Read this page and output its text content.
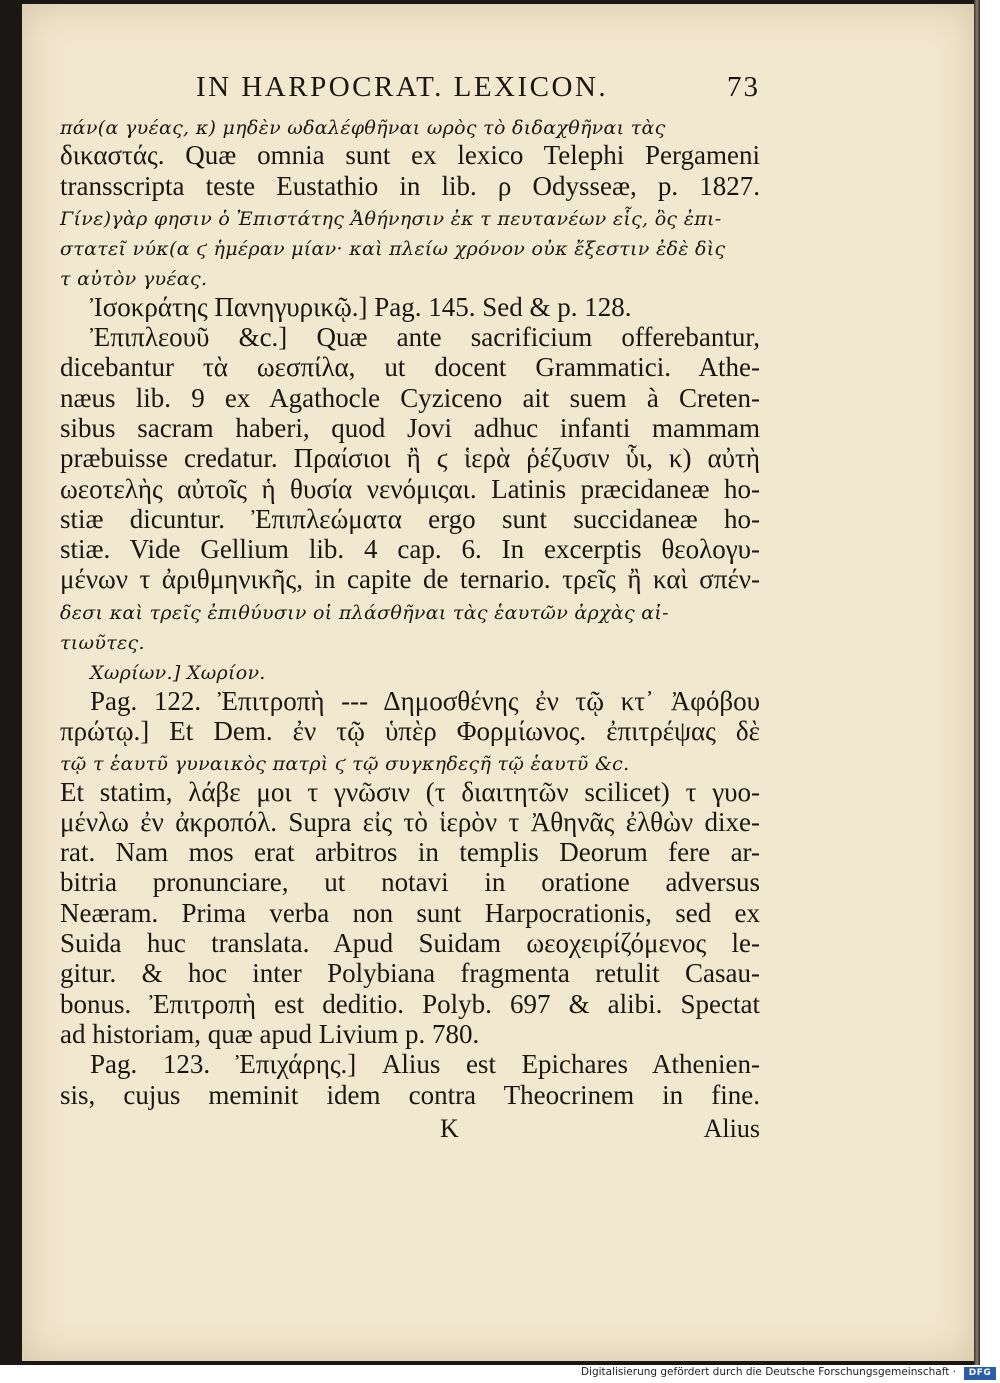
IN HARPOCRAT. LEXICON.	73
πάν(α γυέας, κ) μηδὲν ωδαλέφθῆναι ωρὸς τὸ διδαχθῆναι τὰς
δικαστάς. Quæ omnia sunt ex lexico Telephi Pergameni
transscripta teste Eustathio in lib. ρ Odysseæ, p. 1827.
Γίνε)γὰρ φησιν ὁ Ἐπιστάτης Ἀθήνησιν ἐκ τ πευτανέων εἷς, ὃς ἐπι-
στατεῖ νύκ(α ϛ ἡμέραν μίαν· καὶ πλείω χρόνον οὐκ ἔξεστιν ἐδὲ δὶς
τ αὐτὸν γυέας.
Ἰσοκράτης Πανηγυρικῷ.] Pag. 145. Sed & p. 128.
Ἐπιπλεουῦ &c.] Quæ ante sacrificium offerebantur,
dicebantur τὰ ωεσπίλα, ut docent Grammatici. Athe-
næus lib. 9 ex Agathocle Cyziceno ait suem à Creten-
sibus sacram haberi, quod Jovi adhuc infanti mammam
præbuisse credatur. Πραίσιοι ἢ ϛ ἱερὰ ῥέζυσιν ὗι, κ) αὐτὴ
ωεοτελὴς αὐτοῖς ἡ θυσία νενόμιςαι. Latinis præcidaneæ ho-
stiæ dicuntur. Ἐπιπλεώματα ergo sunt succidaneæ ho-
stiæ. Vide Gellium lib. 4 cap. 6. In excerptis θεολογυ-
μένων τ ἀριθμηνικῆς, in capite de ternario. τρεῖς ἢ καὶ σπέν-
δεσι καὶ τρεῖς ἐπιθύυσιν οἱ πλάσθῆναι τὰς ἑαυτῶν ἀρχὰς αἰ-
τιωῦτες.
Χωρίων.] Χωρίον.
Pag. 122. Ἐπιτροπὴ --- Δημοσθένης ἐν τῷ κτ᾽ Ἀφόβου
πρώτῳ.] Et Dem. ἐν τῷ ὑπὲρ Φορμίωνος. ἐπιτρέψας δὲ
τῷ τ ἑαυτῦ γυναικὸς πατρὶ ϛ τῷ συγκηδεςῆ τῷ ἑαυτῦ &c.
Et statim, λάβε μοι τ γνῶσιν (τ διαιτητῶν scilicet) τ γυο-
μένλω ἐν ἀκροπόλ. Supra εἰς τὸ ἱερὸν τ Ἀθηνᾶς ἐλθὼν dixe-
rat. Nam mos erat arbitros in templis Deorum fere ar-
bitria pronunciare, ut notavi in oratione adversus
Neæram. Prima verba non sunt Harpocrationis, sed ex
Suida huc translata. Apud Suidam ωεοχειρίζόμενος le-
gitur. & hoc inter Polybiana fragmenta retulit Casau-
bonus. Ἐπιτροπὴ est deditio. Polyb. 697 & alibi. Spectat
ad historiam, quæ apud Livium p. 780.
Pag. 123. Ἐπιχάρης.] Alius est Epichares Athenien-
sis, cujus meminit idem contra Theocrinem in fine.
K	Alius
Digitalisierung gefördert durch die Deutsche Forschungsgemeinschaft ·	DFG
